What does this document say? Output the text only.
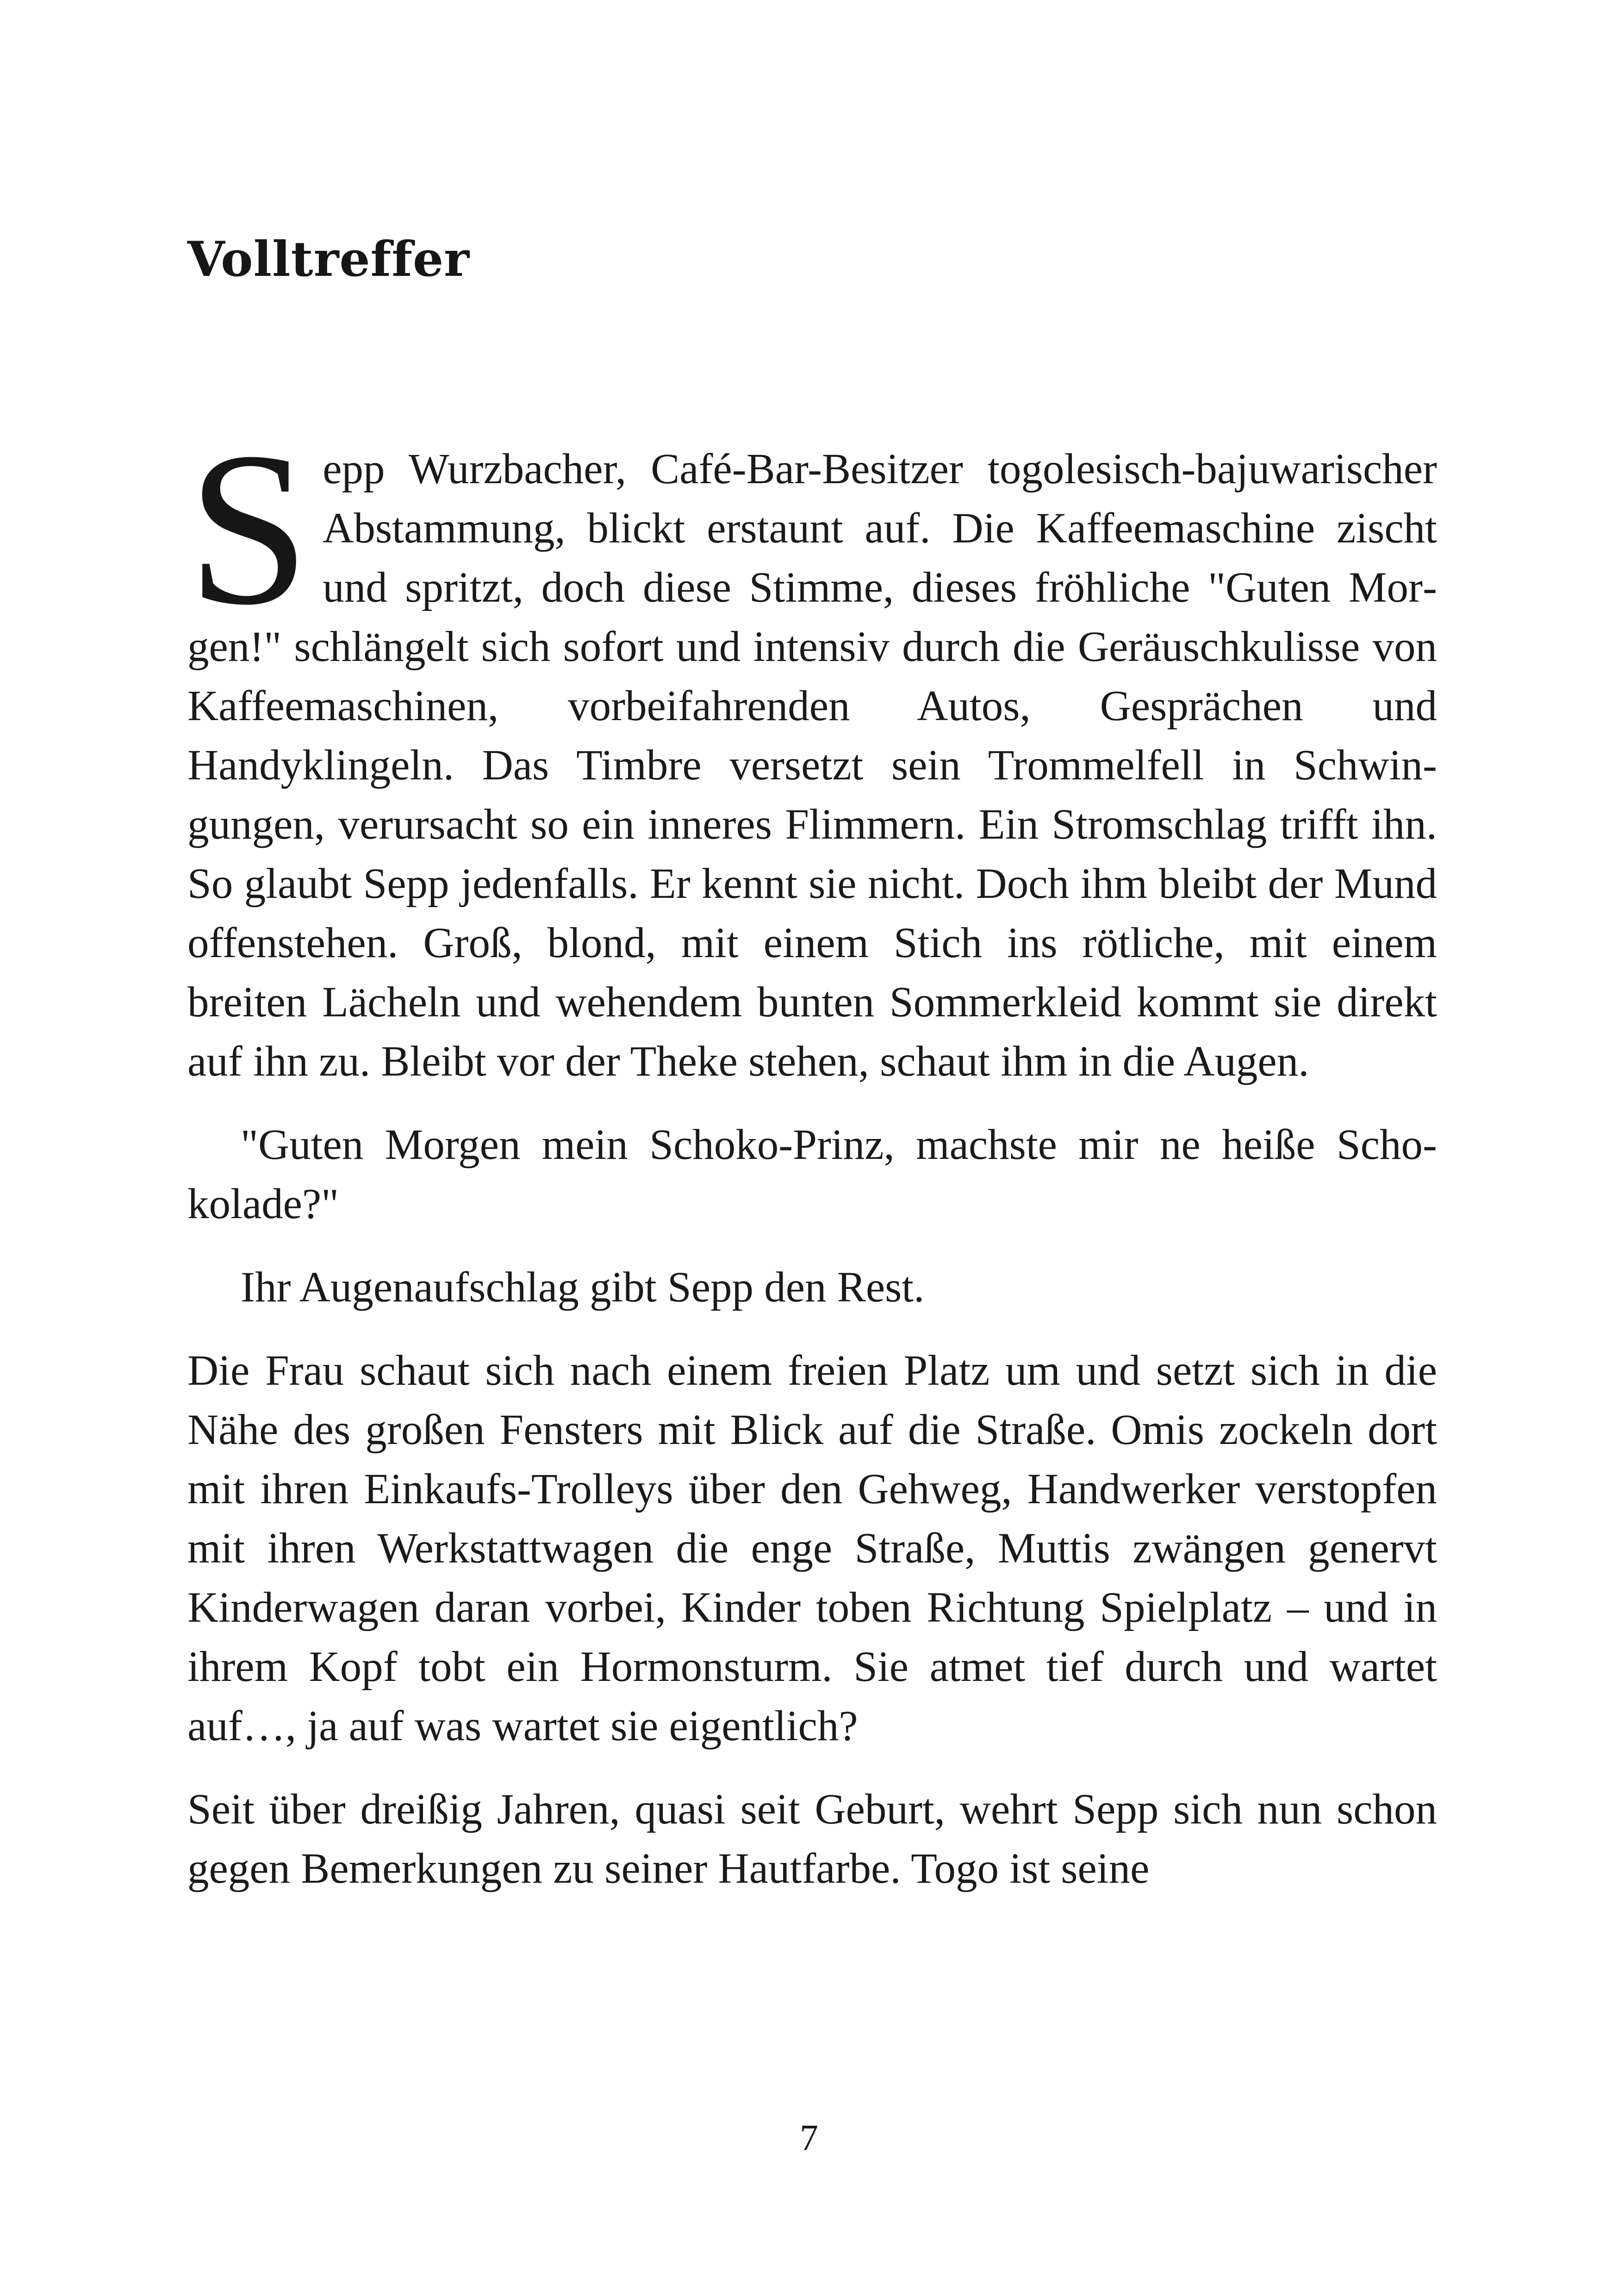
Volltreffer

Sepp Wurzbacher, Café-Bar-Besitzer togolesisch-bajuwarischer Abstammung, blickt erstaunt auf. Die Kaffeemaschine zischt und spritzt, doch diese Stimme, dieses fröhliche "Guten Morgen!" schlängelt sich sofort und intensiv durch die Geräuschkulisse von Kaffeemaschinen, vorbeifahrenden Autos, Gesprächen und Handyklingeln. Das Timbre versetzt sein Trommelfell in Schwingungen, verursacht so ein inneres Flimmern. Ein Stromschlag trifft ihn. So glaubt Sepp jedenfalls. Er kennt sie nicht. Doch ihm bleibt der Mund offenstehen. Groß, blond, mit einem Stich ins rötliche, mit einem breiten Lächeln und wehendem bunten Sommerkleid kommt sie direkt auf ihn zu. Bleibt vor der Theke stehen, schaut ihm in die Augen.

"Guten Morgen mein Schoko-Prinz, machste mir ne heiße Schokolade?"

Ihr Augenaufschlag gibt Sepp den Rest.

Die Frau schaut sich nach einem freien Platz um und setzt sich in die Nähe des großen Fensters mit Blick auf die Straße. Omis zockeln dort mit ihren Einkaufs-Trolleys über den Gehweg, Handwerker verstopfen mit ihren Werkstattwagen die enge Straße, Muttis zwängen genervt Kinderwagen daran vorbei, Kinder toben Richtung Spielplatz – und in ihrem Kopf tobt ein Hormonsturm. Sie atmet tief durch und wartet auf…, ja auf was wartet sie eigentlich?

Seit über dreißig Jahren, quasi seit Geburt, wehrt Sepp sich nun schon gegen Bemerkungen zu seiner Hautfarbe. Togo ist seine

7
